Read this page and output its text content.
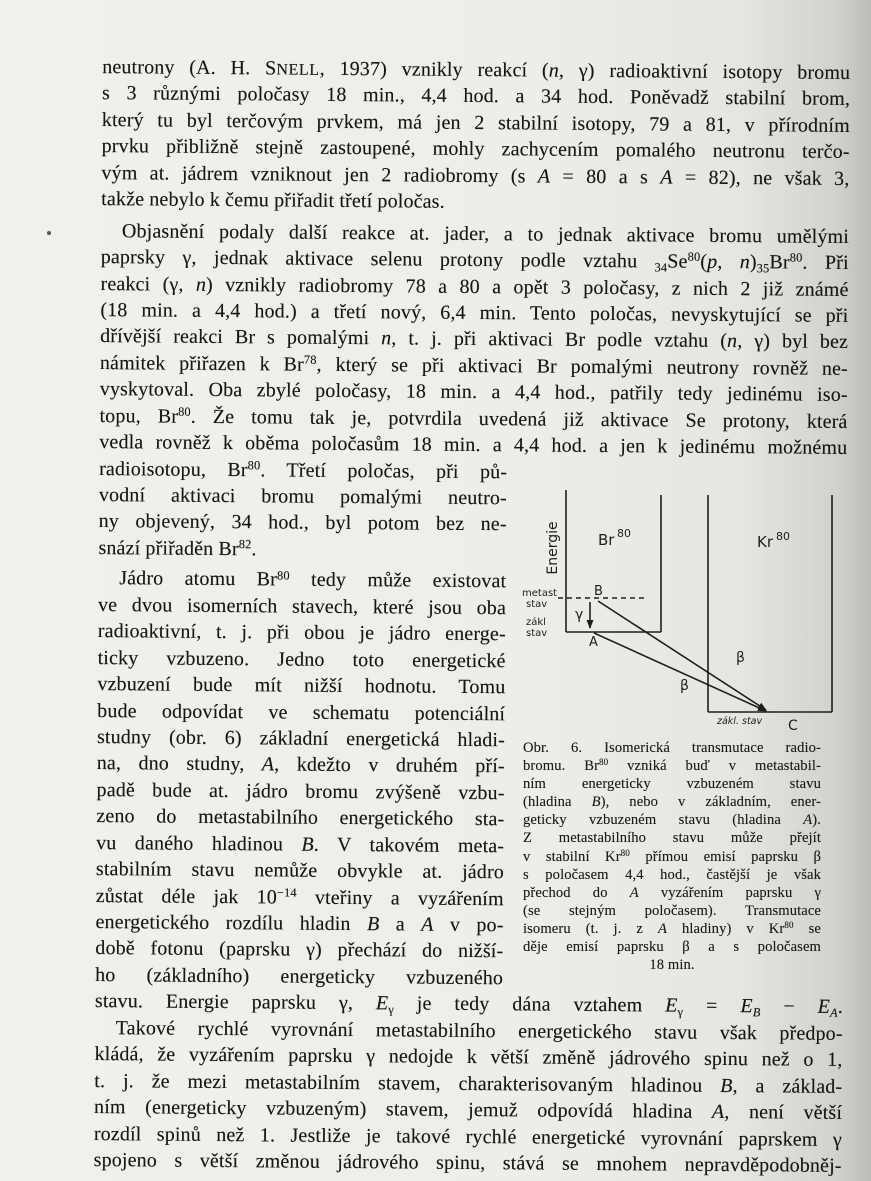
neutrony (A. H. SNELL, 1937) vznikly reakcí (n, γ) radioaktivní isotopy bromu
s 3 různými poločasy 18 min., 4,4 hod. a 34 hod. Poněvadž stabilní brom,
který tu byl terčovým prvkem, má jen 2 stabilní isotopy, 79 a 81, v přírodním
prvku přibližně stejně zastoupené, mohly zachycením pomalého neutronu terčo-
vým at. jádrem vzniknout jen 2 radiobromy (s A = 80 a s A = 82), ne však 3,
takže nebylo k čemu přiřadit třetí poločas.
Objasnění podaly další reakce at. jader, a to jednak aktivace bromu umělými
paprsky γ, jednak aktivace selenu protony podle vztahu 34Se$^{80}$(p, n)35Br$^{80}$. Při
reakci (γ, n) vznikly radiobromy 78 a 80 a opět 3 poločasy, z nich 2 již známé
(18 min. a 4,4 hod.) a třetí nový, 6,4 min. Tento poločas, nevyskytující se při
dřívější reakci Br s pomalými n, t. j. při aktivaci Br podle vztahu (n, γ) byl bez
námitek přiřazen k Br$^{78}$, který se při aktivaci Br pomalými neutrony rovněž ne-
vyskytoval. Oba zbylé poločasy, 18 min. a 4,4 hod., patřily tedy jedinému iso-
topu, Br$^{80}$. Že tomu tak je, potvrdila uvedená již aktivace Se protony, která
vedla rovněž k oběma poločasům 18 min. a 4,4 hod. a jen k jedinému možnému
radioisotopu, Br$^{80}$. Třetí poločas, při pů-
vodní aktivaci bromu pomalými neutro-
ny objevený, 34 hod., byl potom bez ne-
snází přiřaděn Br$^{82}$.
Jádro atomu Br$^{80}$ tedy může existovat
ve dvou isomerních stavech, které jsou oba
radioaktivní, t. j. při obou je jádro energe-
ticky vzbuzeno. Jedno toto energetické
vzbuzení bude mít nižší hodnotu. Tomu
bude odpovídat ve schematu potenciální
studny (obr. 6) základní energetická hladi-
na, dno studny, A, kdežto v druhém pří-
padě bude at. jádro bromu zvýšeně vzbu-
zeno do metastabilního energetického sta-
vu daného hladinou B. V takovém meta-
stabilním stavu nemůže obvykle at. jádro
zůstat déle jak $10^{-14}$ vteřiny a vyzářením
energetického rozdílu hladin B a A v po-
době fotonu (paprsku γ) přechází do nižší-
ho (základního) energeticky vzbuzeného
stavu. Energie paprsku γ, Eγ je tedy dána vztahem Eγ = EB − EA.
Takové rychlé vyrovnání metastabilního energetického stavu však předpo-
kládá, že vyzářením paprsku γ nedojde k větší změně jádrového spinu než o 1,
t. j. že mezi metastabilním stavem, charakterisovaným hladinou B, a základ-
ním (energeticky vzbuzeným) stavem, jemuž odpovídá hladina A, není větší
rozdíl spinů než 1. Jestliže je takové rychlé energetické vyrovnání paprskem γ
spojeno s větší změnou jádrového spinu, stává se mnohem nepravděpodobněj-
Energie Br 80
metast
stav
zákl
stav
B
A
γ
Kr 80
zákl. stav C
β
β
Obr. 6. Isomerická transmutace radio-
bromu. Br$^{80}$ vzniká buď v metastabil-
ním energeticky vzbuzeném stavu
(hladina B), nebo v základním, ener-
geticky vzbuzeném stavu (hladina A).
Z metastabilního stavu může přejít
v stabilní Kr$^{80}$ přímou emisí paprsku β
s poločasem 4,4 hod., častější je však
přechod do A vyzářením paprsku γ
(se stejným poločasem). Transmutace
isomeru (t. j. z A hladiny) v Kr$^{80}$ se
děje emisí paprsku β a s poločasem
18 min.
